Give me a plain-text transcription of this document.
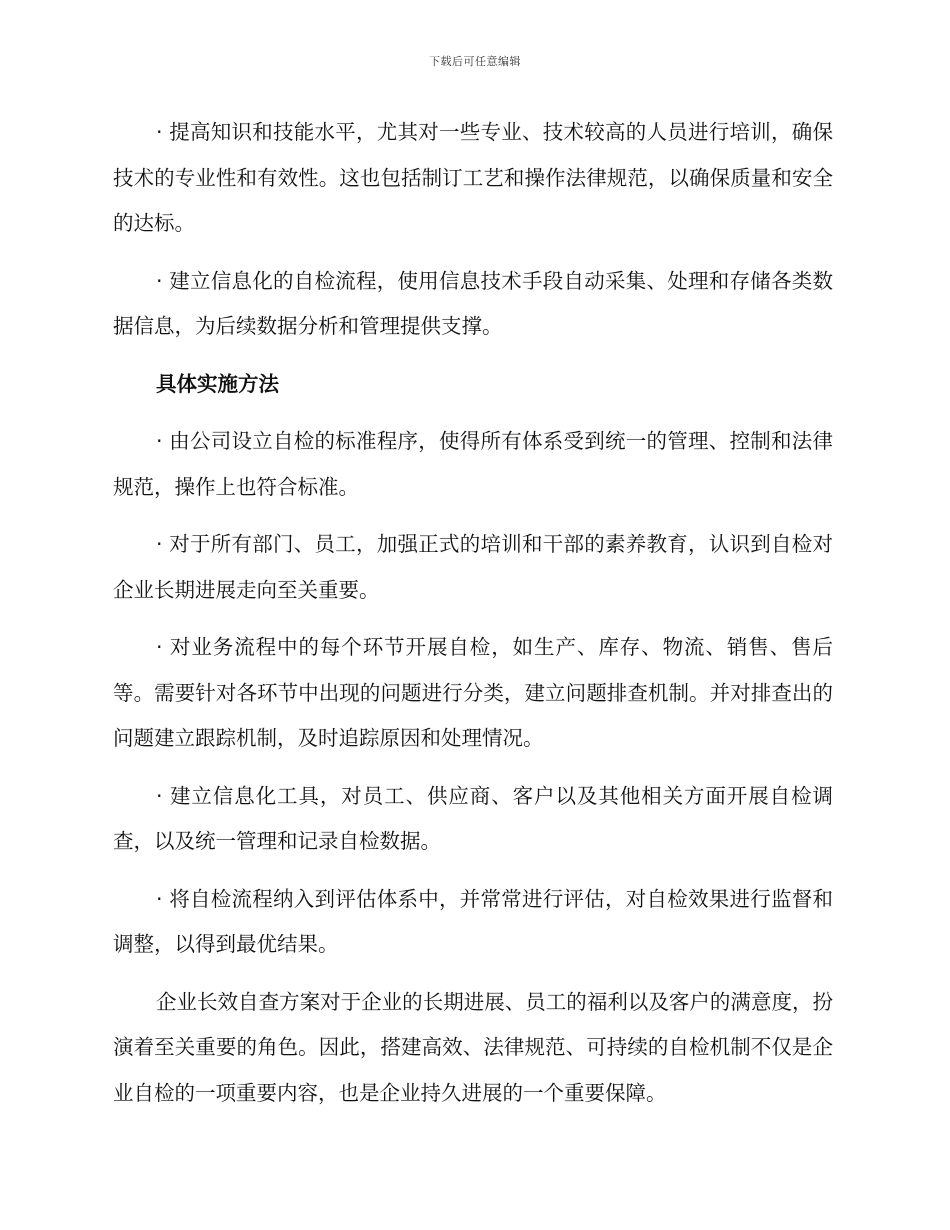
下载后可任意编辑

· 提高知识和技能水平，尤其对一些专业、技术较高的人员进行培训，确保技术的专业性和有效性。这也包括制订工艺和操作法律规范，以确保质量和安全的达标。

· 建立信息化的自检流程，使用信息技术手段自动采集、处理和存储各类数据信息，为后续数据分析和管理提供支撑。

具体实施方法

· 由公司设立自检的标准程序，使得所有体系受到统一的管理、控制和法律规范，操作上也符合标准。

· 对于所有部门、员工，加强正式的培训和干部的素养教育，认识到自检对企业长期进展走向至关重要。

· 对业务流程中的每个环节开展自检，如生产、库存、物流、销售、售后等。需要针对各环节中出现的问题进行分类，建立问题排查机制。并对排查出的问题建立跟踪机制，及时追踪原因和处理情况。

· 建立信息化工具，对员工、供应商、客户以及其他相关方面开展自检调查，以及统一管理和记录自检数据。

· 将自检流程纳入到评估体系中，并常常进行评估，对自检效果进行监督和调整，以得到最优结果。

企业长效自查方案对于企业的长期进展、员工的福利以及客户的满意度，扮演着至关重要的角色。因此，搭建高效、法律规范、可持续的自检机制不仅是企业自检的一项重要内容，也是企业持久进展的一个重要保障。
